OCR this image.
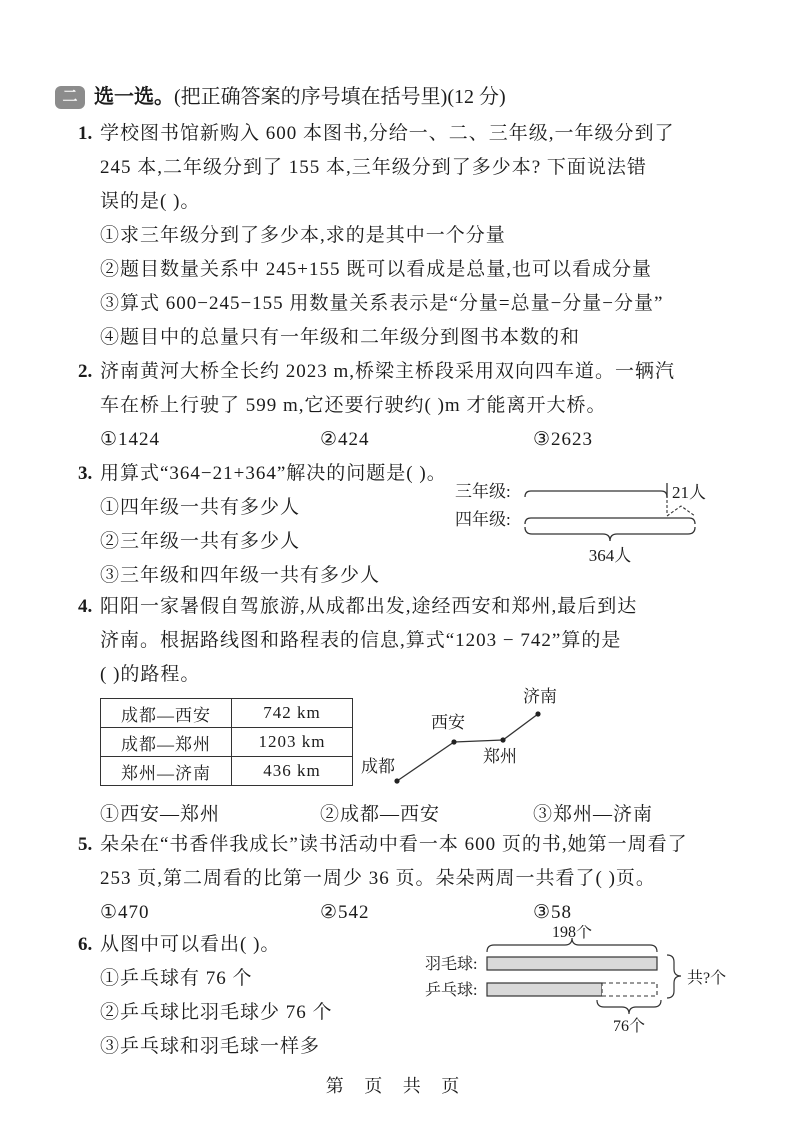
二 选一选。(把正确答案的序号填在括号里)(12 分)
1. 学校图书馆新购入 600 本图书,分给一、二、三年级,一年级分到了
245 本,二年级分到了 155 本,三年级分到了多少本? 下面说法错
误的是( )。
①求三年级分到了多少本,求的是其中一个分量
②题目数量关系中 245+155 既可以看成是总量,也可以看成分量
③算式 600−245−155 用数量关系表示是“分量=总量−分量−分量”
④题目中的总量只有一年级和二年级分到图书本数的和
2. 济南黄河大桥全长约 2023 m,桥梁主桥段采用双向四车道。一辆汽
车在桥上行驶了 599 m,它还要行驶约( )m 才能离开大桥。
①1424	②424	③2623
3. 用算式“364−21+364”解决的问题是( )。
①四年级一共有多少人
②三年级一共有多少人
③三年级和四年级一共有多少人
三年级:	21人
四年级:
364人
4. 阳阳一家暑假自驾旅游,从成都出发,途经西安和郑州,最后到达
济南。根据路线图和路程表的信息,算式“1203 − 742”算的是
( )的路程。
成都—西安	742 km
成都—郑州	1203 km
郑州—济南	436 km
①西安—郑州	②成都—西安	③郑州—济南
成都
西安
郑州
济南
5. 朵朵在“书香伴我成长”读书活动中看一本 600 页的书,她第一周看了
253 页,第二周看的比第一周少 36 页。朵朵两周一共看了( )页。
①470	②542	③58
6. 从图中可以看出( )。
①乒乓球有 76 个
②乒乓球比羽毛球少 76 个
③乒乓球和羽毛球一样多
198个
羽毛球:
乒乓球:
76个
共?个
第 页 共 页
